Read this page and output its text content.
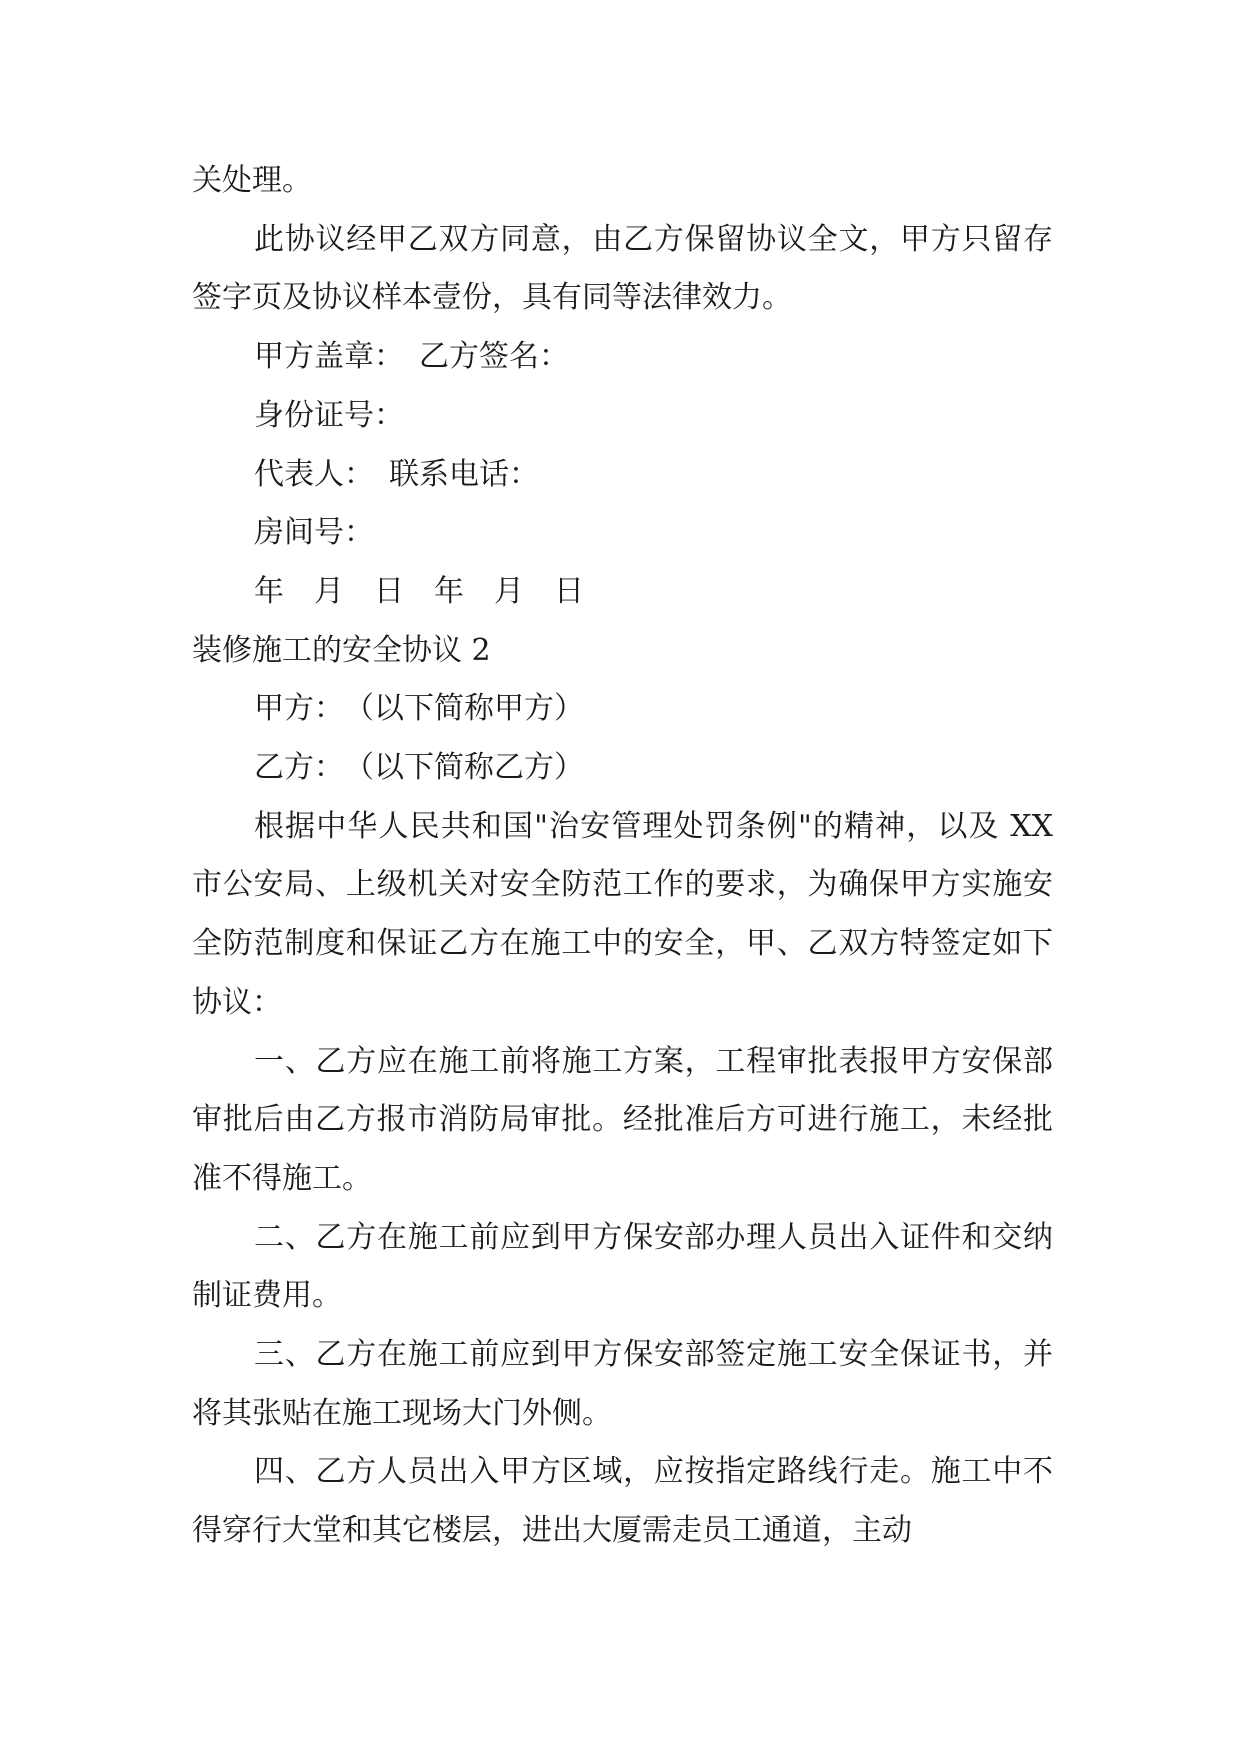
关处理。

此协议经甲乙双方同意，由乙方保留协议全文，甲方只留存签字页及协议样本壹份，具有同等法律效力。

甲方盖章：　乙方签名：

身份证号：

代表人：　联系电话：

房间号：

年　月　日　年　月　日

装修施工的安全协议 2

甲方：　（以下简称甲方）

乙方：　（以下简称乙方）

根据中华人民共和国"治安管理处罚条例"的精神，以及 XX 市公安局、上级机关对安全防范工作的要求，为确保甲方实施安全防范制度和保证乙方在施工中的安全，甲、乙双方特签定如下协议：

一、乙方应在施工前将施工方案，工程审批表报甲方安保部审批后由乙方报市消防局审批。经批准后方可进行施工，未经批准不得施工。

二、乙方在施工前应到甲方保安部办理人员出入证件和交纳制证费用。

三、乙方在施工前应到甲方保安部签定施工安全保证书，并将其张贴在施工现场大门外侧。

四、乙方人员出入甲方区域，应按指定路线行走。施工中不得穿行大堂和其它楼层，进出大厦需走员工通道，主动
